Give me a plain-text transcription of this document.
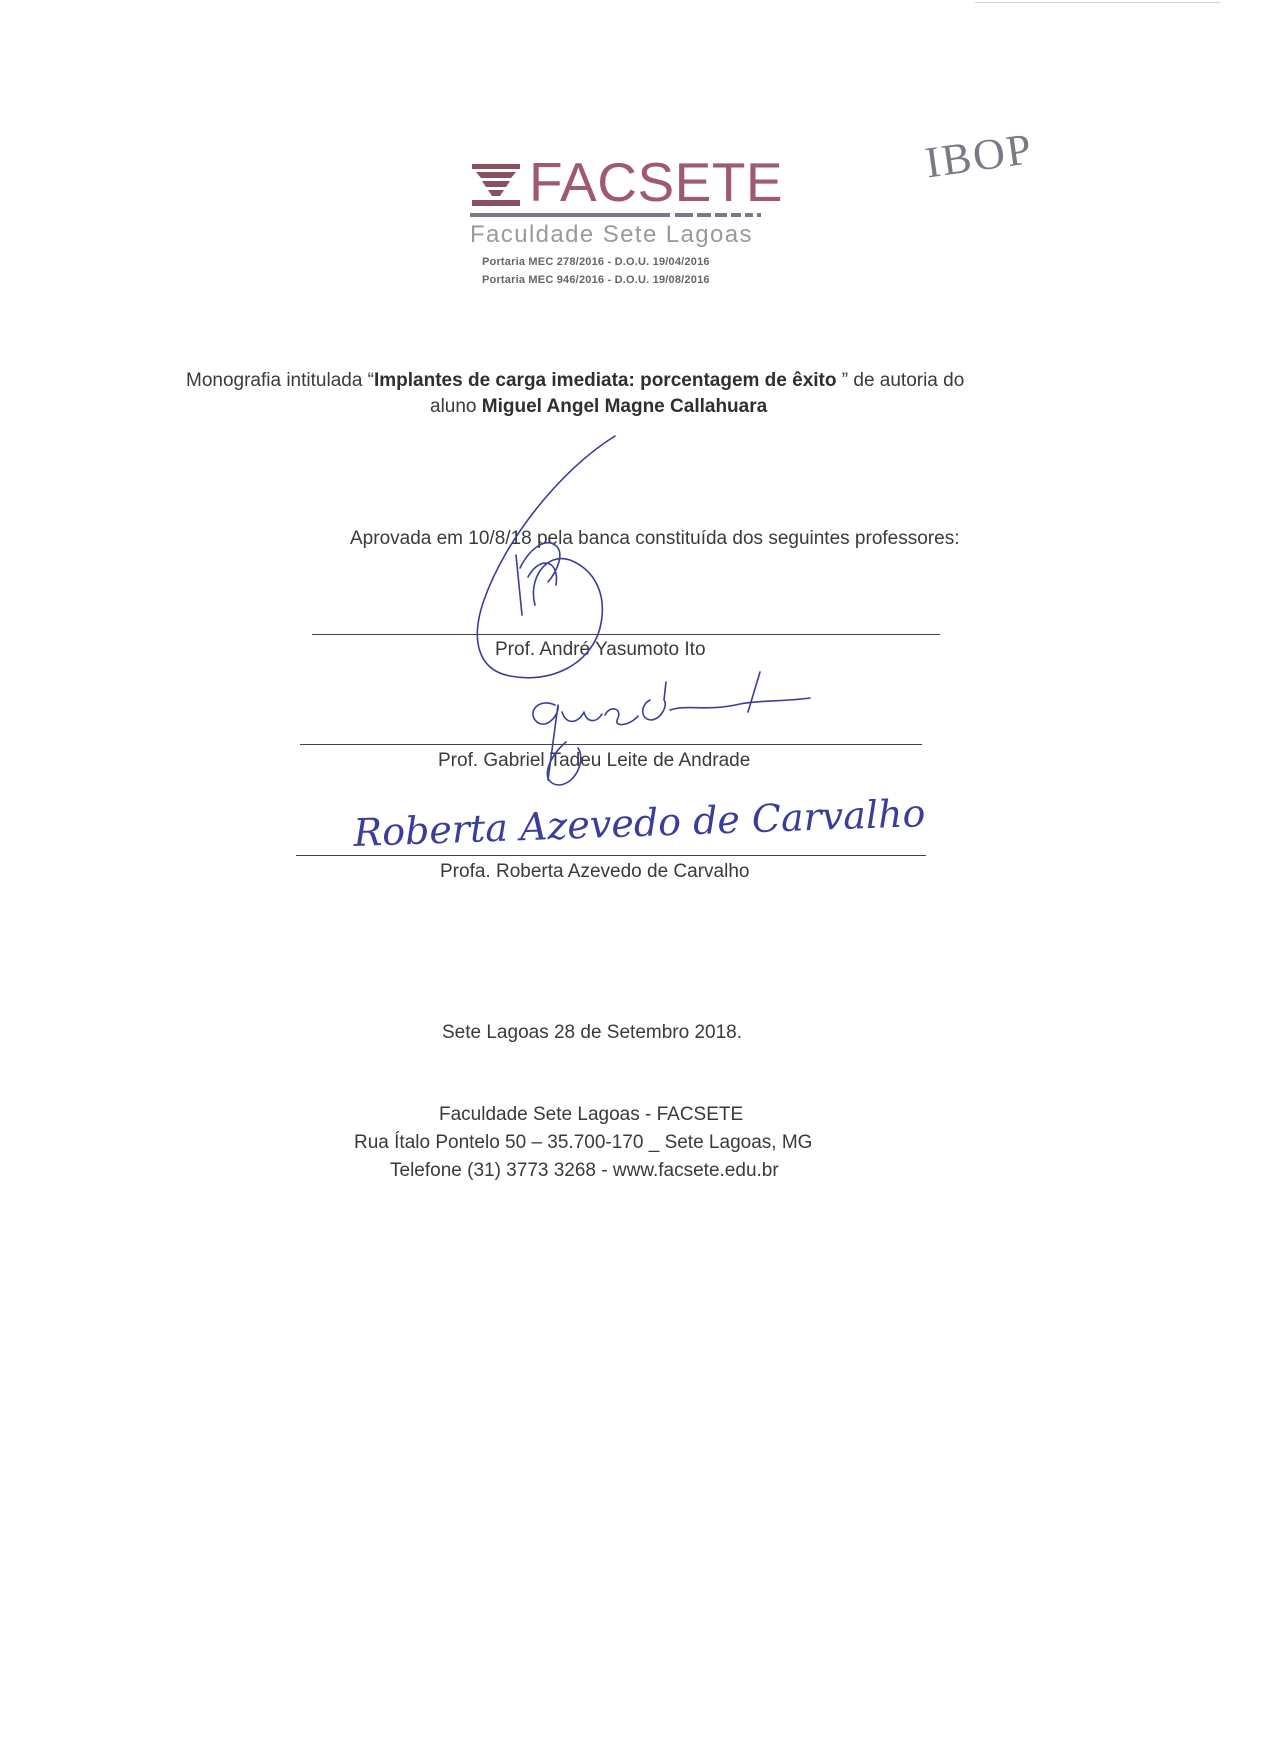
FACSETE
Faculdade Sete Lagoas
Portaria MEC 278/2016 - D.O.U. 19/04/2016
Portaria MEC 946/2016 - D.O.U. 19/08/2016
IBOP
Monografia intitulada “Implantes de carga imediata: porcentagem de êxito ” de autoria do
aluno Miguel Angel Magne Callahuara
Aprovada em 10/8/18 pela banca constituída dos seguintes professores:
Prof. André Yasumoto Ito
Prof. Gabriel Tadeu Leite de Andrade
Profa. Roberta Azevedo de Carvalho
Roberta Azevedo de Carvalho
Sete Lagoas 28 de Setembro 2018.
Faculdade Sete Lagoas - FACSETE
Rua Ítalo Pontelo 50 – 35.700-170 _ Sete Lagoas, MG
Telefone (31) 3773 3268 - www.facsete.edu.br
